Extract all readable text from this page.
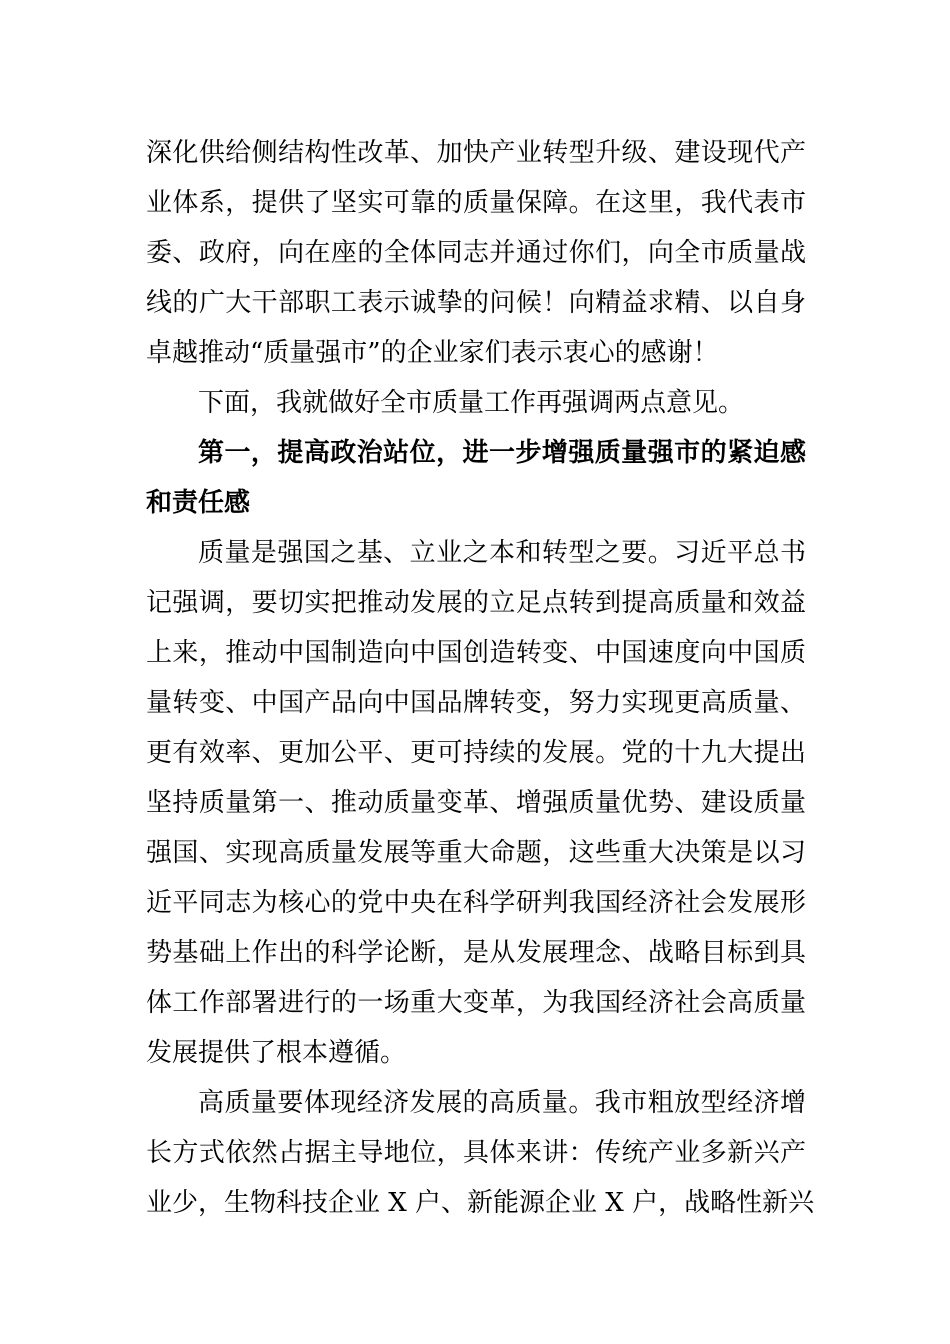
深化供给侧结构性改革、加快产业转型升级、建设现代产
业体系，提供了坚实可靠的质量保障。在这里，我代表市
委、政府，向在座的全体同志并通过你们，向全市质量战
线的广大干部职工表示诚挚的问候！向精益求精、以自身
卓越推动“质量强市”的企业家们表示衷心的感谢！
下面，我就做好全市质量工作再强调两点意见。
第一，提高政治站位，进一步增强质量强市的紧迫感
和责任感
质量是强国之基、立业之本和转型之要。习近平总书
记强调，要切实把推动发展的立足点转到提高质量和效益
上来，推动中国制造向中国创造转变、中国速度向中国质
量转变、中国产品向中国品牌转变，努力实现更高质量、
更有效率、更加公平、更可持续的发展。党的十九大提出
坚持质量第一、推动质量变革、增强质量优势、建设质量
强国、实现高质量发展等重大命题，这些重大决策是以习
近平同志为核心的党中央在科学研判我国经济社会发展形
势基础上作出的科学论断，是从发展理念、战略目标到具
体工作部署进行的一场重大变革，为我国经济社会高质量
发展提供了根本遵循。
高质量要体现经济发展的高质量。我市粗放型经济增
长方式依然占据主导地位，具体来讲：传统产业多新兴产
业少，生物科技企业 X 户、新能源企业 X 户，战略性新兴
